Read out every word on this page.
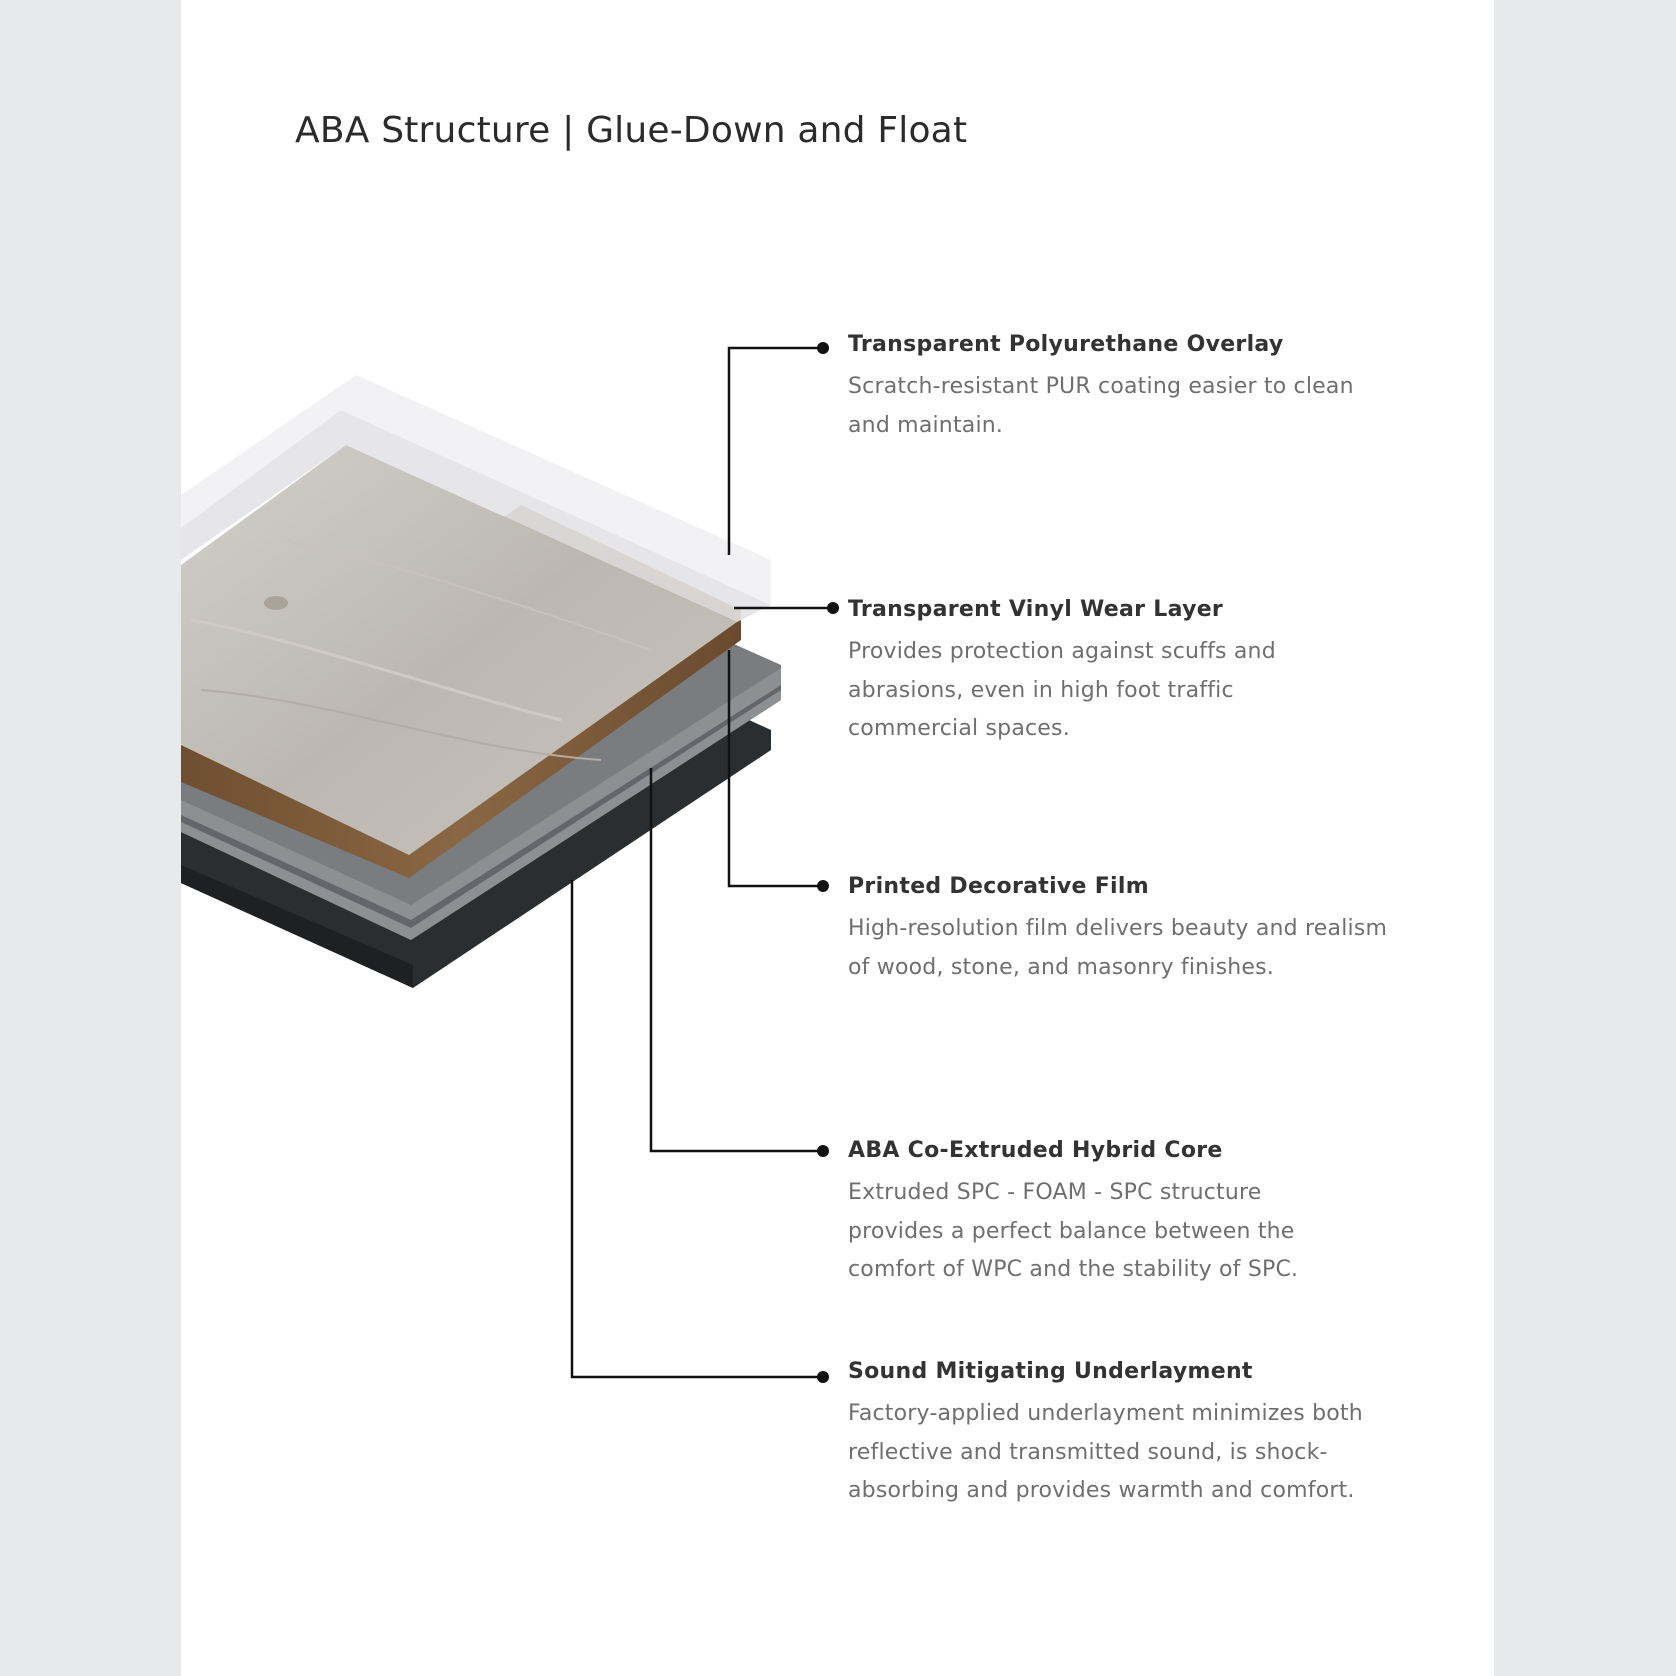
ABA Structure | Glue-Down and Float
Transparent Polyurethane Overlay

Scratch-resistant PUR coating easier to clean and maintain.

Transparent Vinyl Wear Layer

Provides protection against scuffs and abrasions, even in high foot traffic commercial spaces.

Printed Decorative Film

High-resolution film delivers beauty and realism of wood, stone, and masonry finishes.

ABA Co-Extruded Hybrid Core

Extruded SPC - FOAM - SPC structure provides a perfect balance between the comfort of WPC and the stability of SPC.

Sound Mitigating Underlayment

Factory-applied underlayment minimizes both reflective and transmitted sound, is shock-absorbing and provides warmth and comfort.
